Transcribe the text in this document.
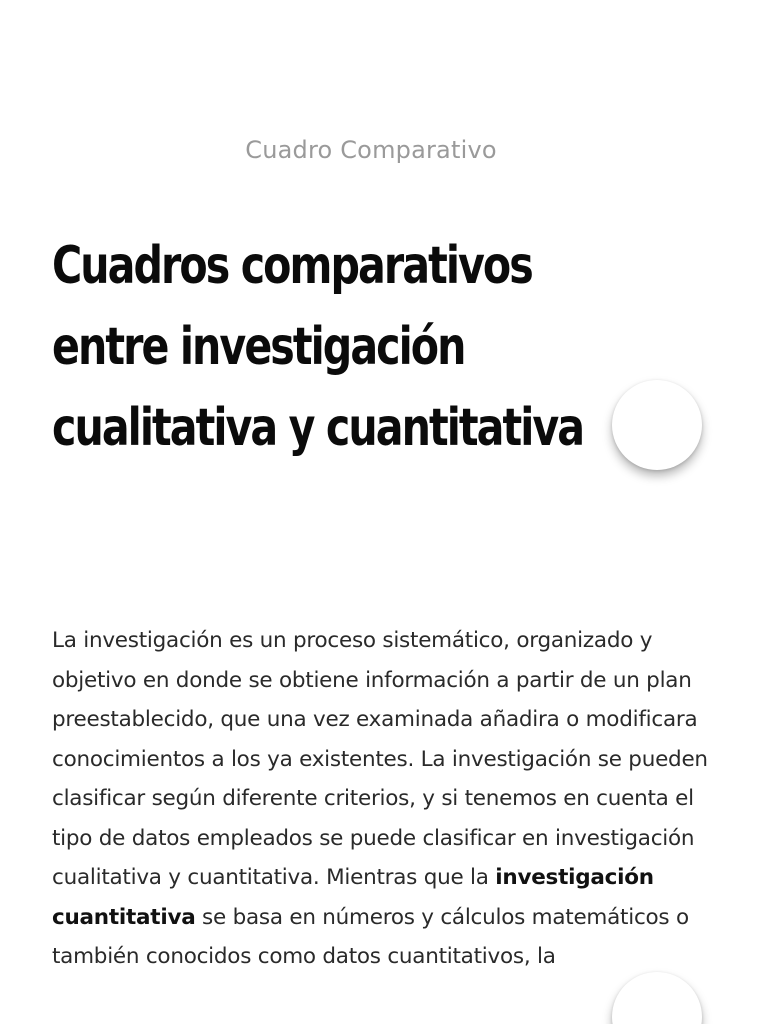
Cuadro Comparativo
Cuadros comparativos entre investigación cualitativa y cuantitativa

La investigación es un proceso sistemático, organizado y objetivo en donde se obtiene información a partir de un plan preestablecido, que una vez examinada añadira o modificara conocimientos a los ya existentes. La investigación se pueden clasificar según diferente criterios, y si tenemos en cuenta el tipo de datos empleados se puede clasificar en investigación cualitativa y cuantitativa. Mientras que la investigación cuantitativa se basa en números y cálculos matemáticos o también conocidos como datos cuantitativos, la
